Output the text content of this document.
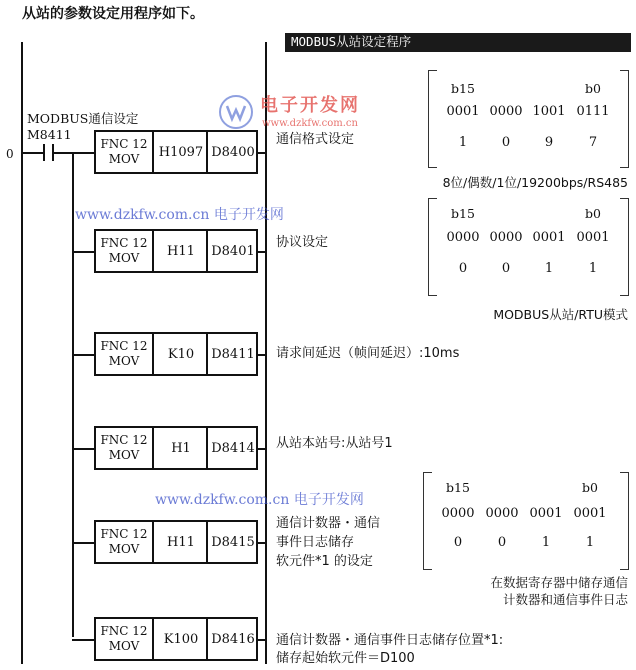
从站的参数设定用程序如下。
MODBUS从站设定程序
0
MODBUS通信设定
M8411
FNC 12
MOV H1097 D8400
通信格式设定
FNC 12
MOV H11 D8401
协议设定
FNC 12
MOV K10 D8411 请求间延迟（帧间延迟）:10ms
FNC 12
MOV H1 D8414 从站本站号:从站号1
FNC 12
MOV H11 D8415
通信计数器・通信
事件日志储存
软元件*1 的设定
FNC 12
MOV K100 D8416 通信计数器・通信事件日志储存位置*1:
储存起始软元件＝D100
b15	b0
0001 0000 1001 0111
1	0	9	7
8位/偶数/1位/19200bps/RS485
b15	b0
0000 0000 0001 0001
0	0	1	1
MODBUS从站/RTU模式
b15	b0
0000 0000 0001 0001
0	0	1	1
在数据寄存器中储存通信
计数器和通信事件日志
电子开发网
www.dzkfw.com.cn
www.dzkfw.com.cn 电子开发网
www.dzkfw.com.cn 电子开发网
